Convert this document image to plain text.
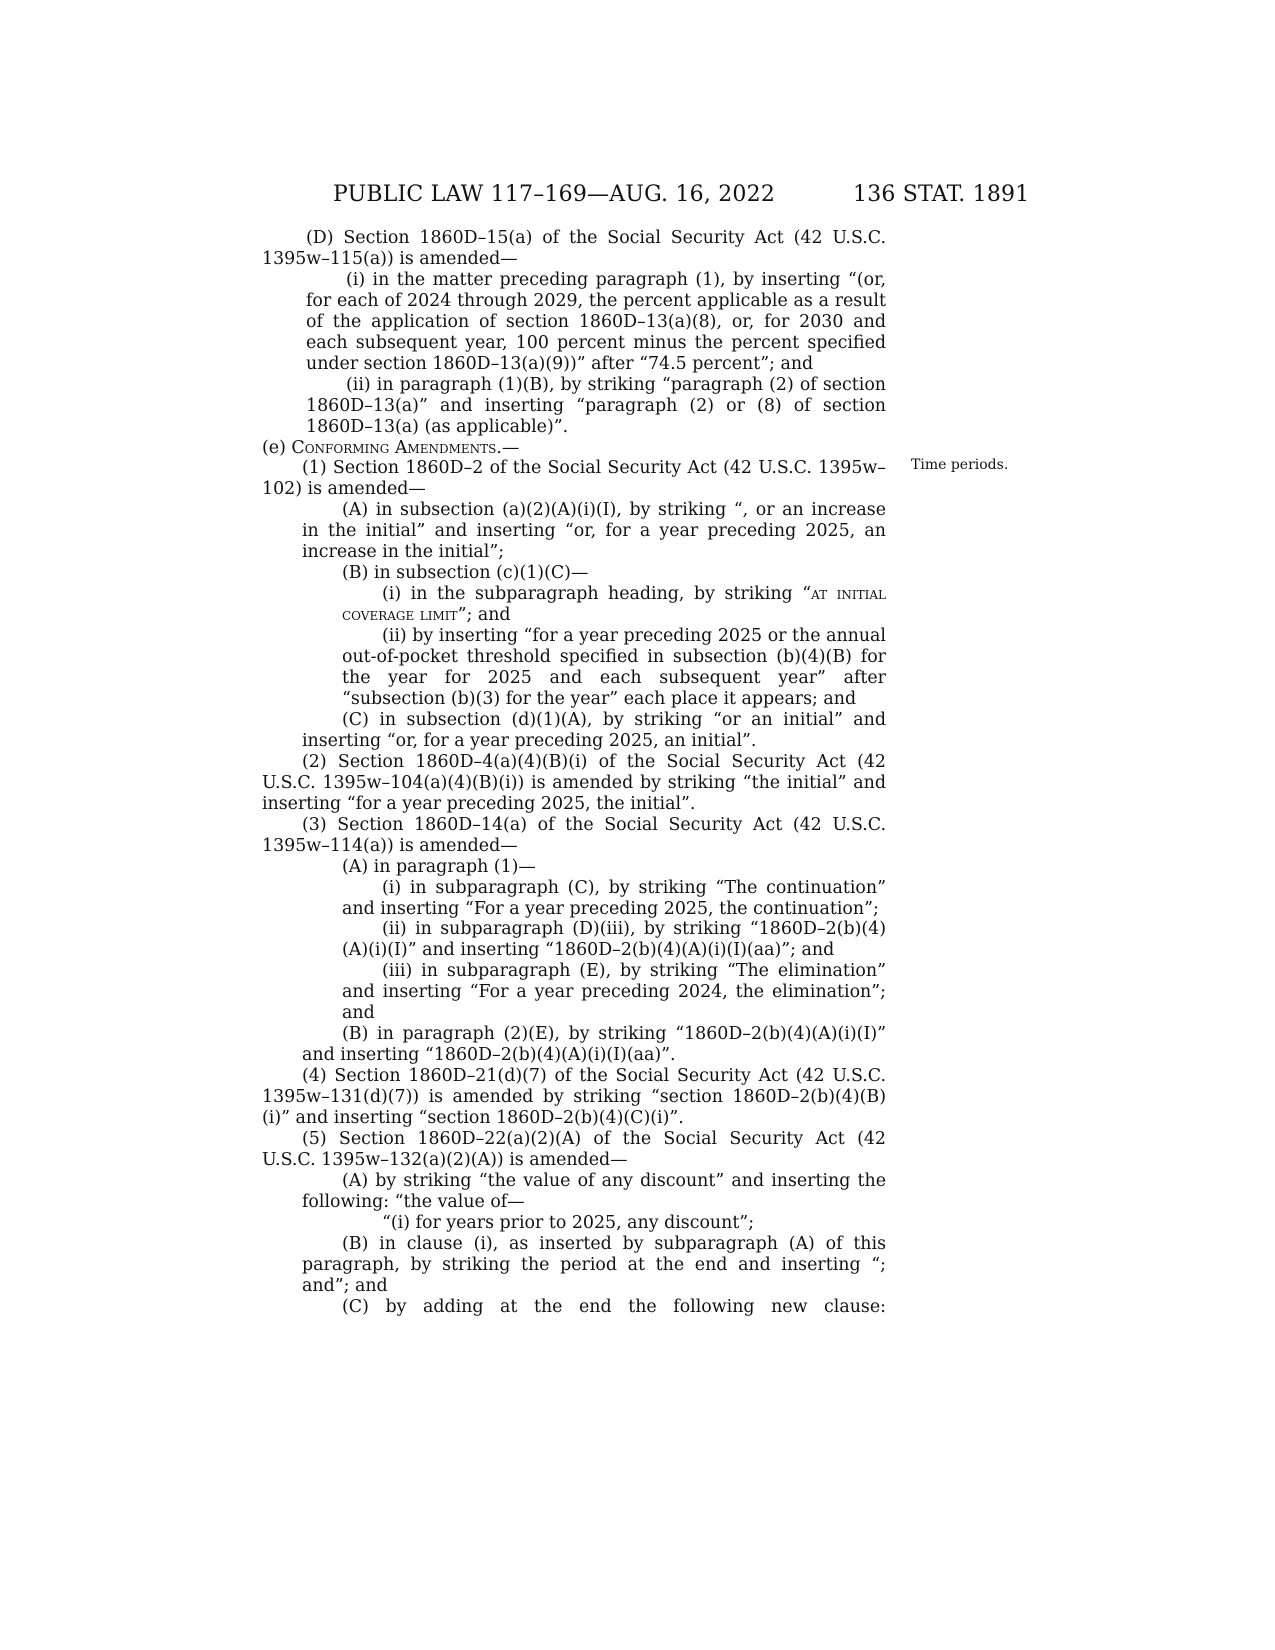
PUBLIC LAW 117–169—AUG. 16, 2022	136 STAT. 1891
Time periods.

(D) Section 1860D–15(a) of the Social Security Act (42 U.S.C. 1395w–115(a)) is amended—

(i) in the matter preceding paragraph (1), by inserting “(or, for each of 2024 through 2029, the percent applicable as a result of the application of section 1860D–13(a)(8), or, for 2030 and each subsequent year, 100 percent minus the percent specified under section 1860D–13(a)(9))” after “74.5 percent”; and

(ii) in paragraph (1)(B), by striking “paragraph (2) of section 1860D–13(a)” and inserting “paragraph (2) or (8) of section 1860D–13(a) (as applicable)”.

(e) Conforming Amendments.—

(1) Section 1860D–2 of the Social Security Act (42 U.S.C. 1395w–102) is amended—

(A) in subsection (a)(2)(A)(i)(I), by striking “, or an increase in the initial” and inserting “or, for a year preceding 2025, an increase in the initial”;

(B) in subsection (c)(1)(C)—

(i) in the subparagraph heading, by striking “at initial coverage limit”; and

(ii) by inserting “for a year preceding 2025 or the annual out-of-pocket threshold specified in subsection (b)(4)(B) for the year for 2025 and each subsequent year” after “subsection (b)(3) for the year” each place it appears; and

(C) in subsection (d)(1)(A), by striking “or an initial” and inserting “or, for a year preceding 2025, an initial”.

(2) Section 1860D–4(a)(4)(B)(i) of the Social Security Act (42 U.S.C. 1395w–104(a)(4)(B)(i)) is amended by striking “the initial” and inserting “for a year preceding 2025, the initial”.

(3) Section 1860D–14(a) of the Social Security Act (42 U.S.C. 1395w–114(a)) is amended—

(A) in paragraph (1)—

(i) in subparagraph (C), by striking “The continuation” and inserting “For a year preceding 2025, the continuation”;

(ii) in subparagraph (D)(iii), by striking “1860D–2(b)(4)(A)(i)(I)” and inserting “1860D–2(b)(4)(A)(i)(I)(aa)”; and

(iii) in subparagraph (E), by striking “The elimination” and inserting “For a year preceding 2024, the elimination”; and

(B) in paragraph (2)(E), by striking “1860D–2(b)(4)(A)(i)(I)” and inserting “1860D–2(b)(4)(A)(i)(I)(aa)”.

(4) Section 1860D–21(d)(7) of the Social Security Act (42 U.S.C. 1395w–131(d)(7)) is amended by striking “section 1860D–2(b)(4)(B)(i)” and inserting “section 1860D–2(b)(4)(C)(i)”.

(5) Section 1860D–22(a)(2)(A) of the Social Security Act (42 U.S.C. 1395w–132(a)(2)(A)) is amended—

(A) by striking “the value of any discount” and inserting the following: “the value of—

“(i) for years prior to 2025, any discount”;

(B) in clause (i), as inserted by subparagraph (A) of this paragraph, by striking the period at the end and inserting “; and”; and

(C) by adding at the end the following new clause:
